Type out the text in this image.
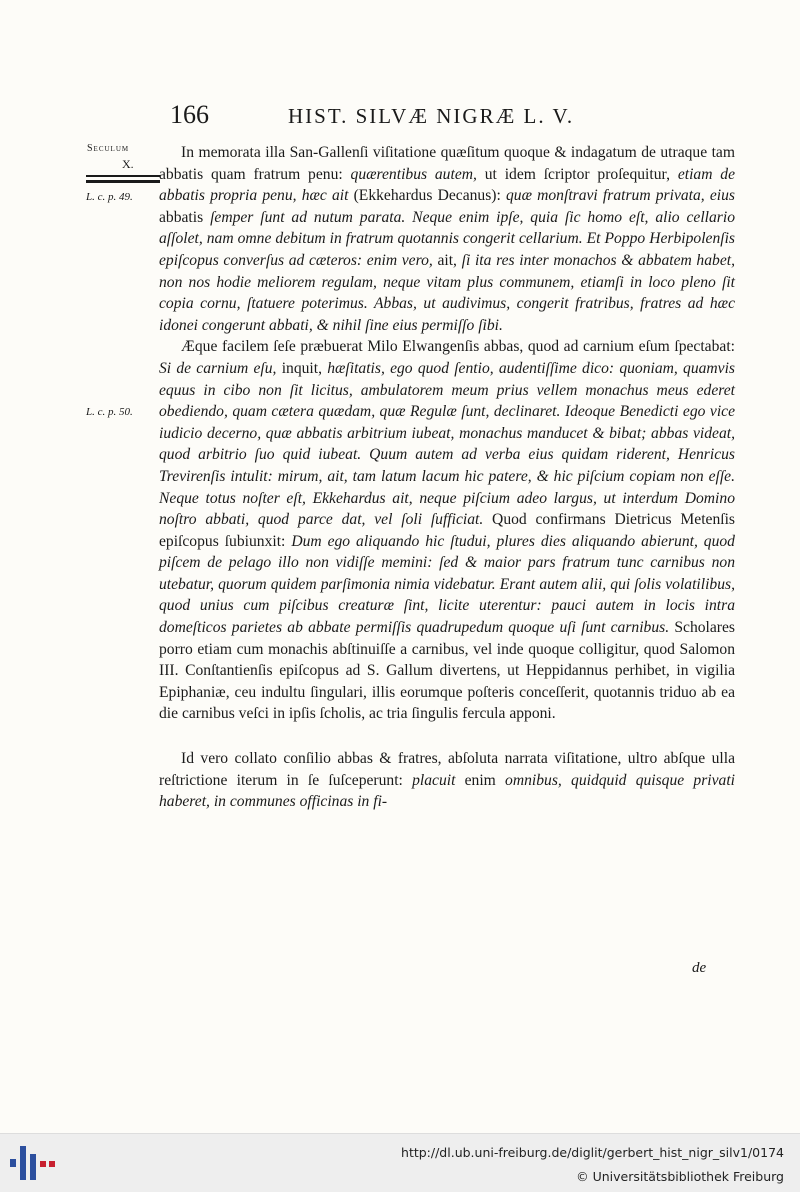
166	HIST. SILVÆ NIGRÆ L. V.
Seculum
X.
L. c. p. 49.
L. c. p. 50.

In memorata illa San-Gallenſi viſitatione quæſitum quoque & indagatum de utraque tam abbatis quam fratrum penu: quærentibus autem, ut idem ſcriptor proſequitur, etiam de abbatis propria penu, hæc ait (Ekkehardus Decanus): quæ monſtravi fratrum privata, eius abbatis ſemper ſunt ad nutum parata. Neque enim ipſe, quia ſic homo eſt, alio cellario aſſolet, nam omne debitum in fratrum quotannis congerit cellarium. Et Poppo Herbipolenſis epiſcopus converſus ad cæteros: enim vero, ait, ſi ita res inter monachos & abbatem habet, non nos hodie meliorem regulam, neque vitam plus communem, etiamſi in loco pleno ſit copia cornu, ſtatuere poterimus. Abbas, ut audivimus, congerit fratribus, fratres ad hæc idonei congerunt abbati, & nihil ſine eius permiſſo ſibi.

Æque facilem ſeſe præbuerat Milo Elwangenſis abbas, quod ad carnium eſum ſpectabat: Si de carnium eſu, inquit, hæſitatis, ego quod ſentio, audentiſſime dico: quoniam, quamvis equus in cibo non ſit licitus, ambulatorem meum prius vellem monachus meus ederet obediendo, quam cætera quædam, quæ Regulæ ſunt, declinaret. Ideoque Benedicti ego vice iudicio decerno, quæ abbatis arbitrium iubeat, monachus manducet & bibat; abbas videat, quod arbitrio ſuo quid iubeat. Quum autem ad verba eius quidam riderent, Henricus Trevirenſis intulit: mirum, ait, tam latum lacum hic patere, & hic piſcium copiam non eſſe. Neque totus noſter eſt, Ekkehardus ait, neque piſcium adeo largus, ut interdum Domino noſtro abbati, quod parce dat, vel ſoli ſufficiat. Quod confirmans Dietricus Metenſis epiſcopus ſubiunxit: Dum ego aliquando hic ſtudui, plures dies aliquando abierunt, quod piſcem de pelago illo non vidiſſe memini: ſed & maior pars fratrum tunc carnibus non utebatur, quorum quidem parſimonia nimia videbatur. Erant autem alii, qui ſolis volatilibus, quod unius cum piſcibus creaturæ ſint, licite uterentur: pauci autem in locis intra domeſticos parietes ab abbate permiſſis quadrupedum quoque uſi ſunt carnibus. Scholares porro etiam cum monachis abſtinuiſſe a carnibus, vel inde quoque colligitur, quod Salomon III. Conſtantienſis epiſcopus ad S. Gallum divertens, ut Heppidannus perhibet, in vigilia Epiphaniæ, ceu indultu ſingulari, illis eorumque poſteris conceſſerit, quotannis triduo ab ea die carnibus veſci in ipſis ſcholis, ac tria ſingulis fercula apponi.

Id vero collato conſilio abbas & fratres, abſoluta narrata viſitatione, ultro abſque ulla reſtrictione iterum in ſe ſuſceperunt: placuit enim omnibus, quidquid quisque privati haberet, in communes officinas in fi-

de
http://dl.ub.uni-freiburg.de/diglit/gerbert_hist_nigr_silv1/0174
© Universitätsbibliothek Freiburg
